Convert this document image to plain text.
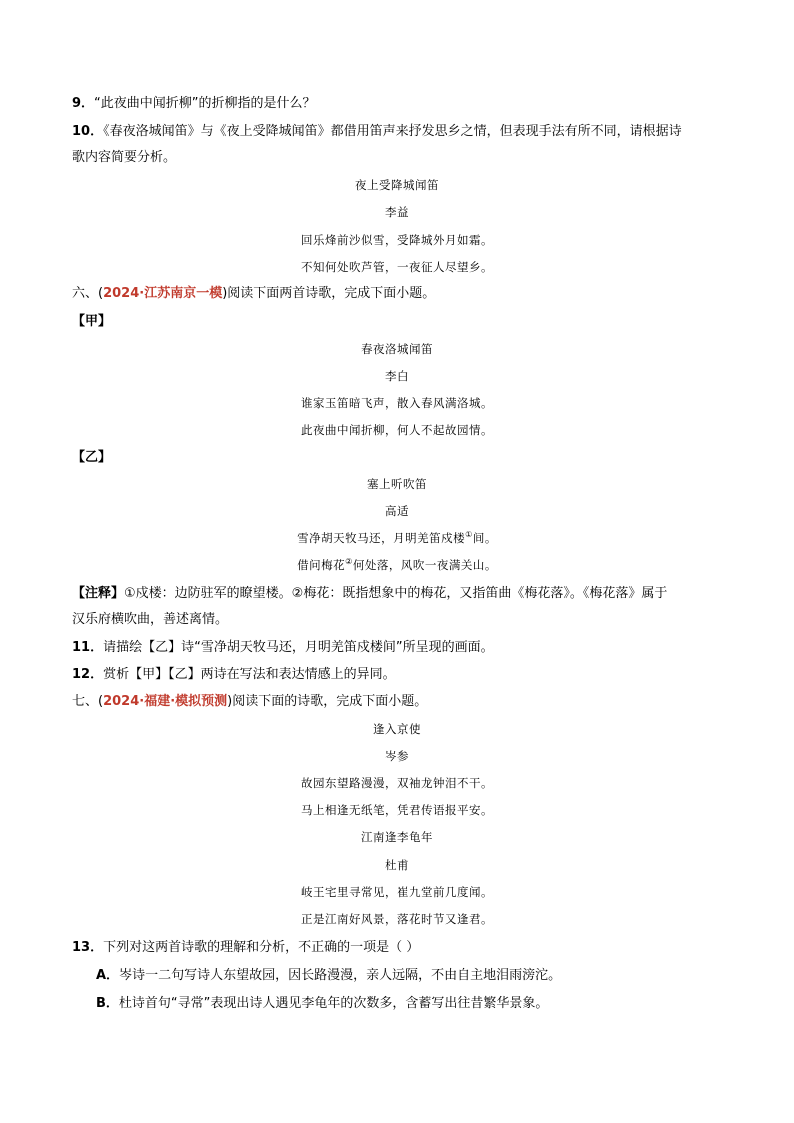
9．“此夜曲中闻折柳”的折柳指的是什么？
10．《春夜洛城闻笛》与《夜上受降城闻笛》都借用笛声来抒发思乡之情，但表现手法有所不同，请根据诗
歌内容简要分析。
夜上受降城闻笛
李益
回乐烽前沙似雪，受降城外月如霜。
不知何处吹芦管，一夜征人尽望乡。
六、(2024·江苏南京一模)阅读下面两首诗歌，完成下面小题。
【甲】
春夜洛城闻笛
李白
谁家玉笛暗飞声，散入春风满洛城。
此夜曲中闻折柳，何人不起故园情。
【乙】
塞上听吹笛
高适
雪净胡天牧马还，月明羌笛戍楼①间。
借问梅花②何处落，风吹一夜满关山。
【注释】①戍楼：边防驻军的瞭望楼。②梅花：既指想象中的梅花，又指笛曲《梅花落》。《梅花落》属于
汉乐府横吹曲，善述离情。
11．请描绘【乙】诗“雪净胡天牧马还，月明羌笛戍楼间”所呈现的画面。
12．赏析【甲】【乙】两诗在写法和表达情感上的异同。
七、(2024·福建·模拟预测)阅读下面的诗歌，完成下面小题。
逢入京使
岑参
故园东望路漫漫，双袖龙钟泪不干。
马上相逢无纸笔，凭君传语报平安。
江南逢李龟年
杜甫
岐王宅里寻常见，崔九堂前几度闻。
正是江南好风景，落花时节又逢君。
13．下列对这两首诗歌的理解和分析，不正确的一项是（ ）
A．岑诗一二句写诗人东望故园，因长路漫漫，亲人远隔，不由自主地泪雨滂沱。
B．杜诗首句“寻常”表现出诗人遇见李龟年的次数多，含蓄写出往昔繁华景象。
